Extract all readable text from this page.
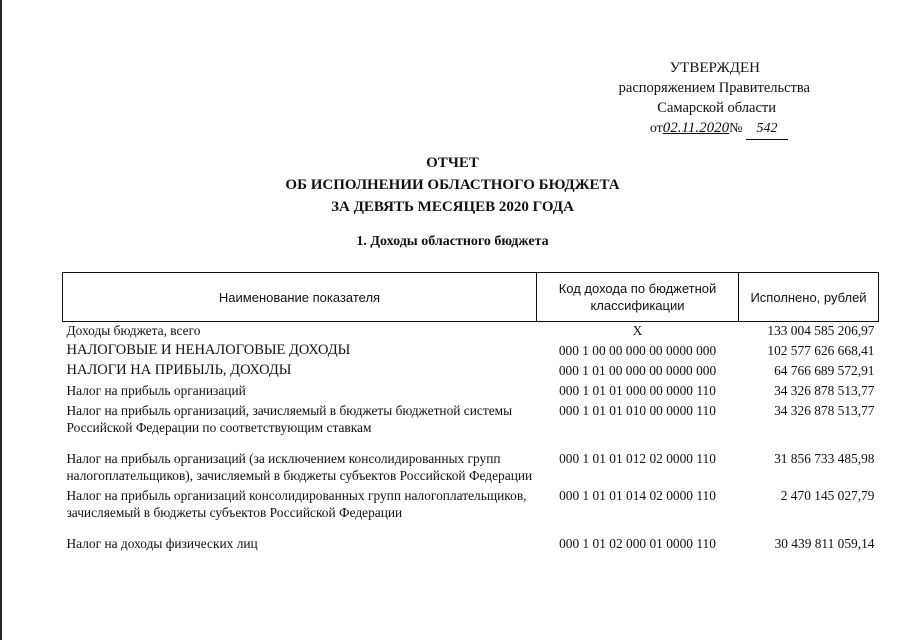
УТВЕРЖДЕН
распоряжением Правительства
Самарской области
от02.11.2020№ 542
ОТЧЕТ
ОБ ИСПОЛНЕНИИ ОБЛАСТНОГО БЮДЖЕТА
ЗА ДЕВЯТЬ МЕСЯЦЕВ 2020 ГОДА
1. Доходы областного бюджета
Наименование показателя	Код дохода по бюджетной классификации	Исполнено, рублей
Доходы бюджета, всего	X	133 004 585 206,97
НАЛОГОВЫЕ И НЕНАЛОГОВЫЕ ДОХОДЫ	000 1 00 00 000 00 0000 000	102 577 626 668,41
НАЛОГИ НА ПРИБЫЛЬ, ДОХОДЫ	000 1 01 00 000 00 0000 000	64 766 689 572,91
Налог на прибыль организаций	000 1 01 01 000 00 0000 110	34 326 878 513,77
Налог на прибыль организаций, зачисляемый в бюджеты бюджетной системы Российской Федерации по соответствующим ставкам	000 1 01 01 010 00 0000 110	34 326 878 513,77
Налог на прибыль организаций (за исключением консолидированных групп налогоплательщиков), зачисляемый в бюджеты субъектов Российской Федерации	000 1 01 01 012 02 0000 110	31 856 733 485,98
Налог на прибыль организаций консолидированных групп налогоплательщиков, зачисляемый в бюджеты субъектов Российской Федерации	000 1 01 01 014 02 0000 110	2 470 145 027,79
Налог на доходы физических лиц	000 1 01 02 000 01 0000 110	30 439 811 059,14
